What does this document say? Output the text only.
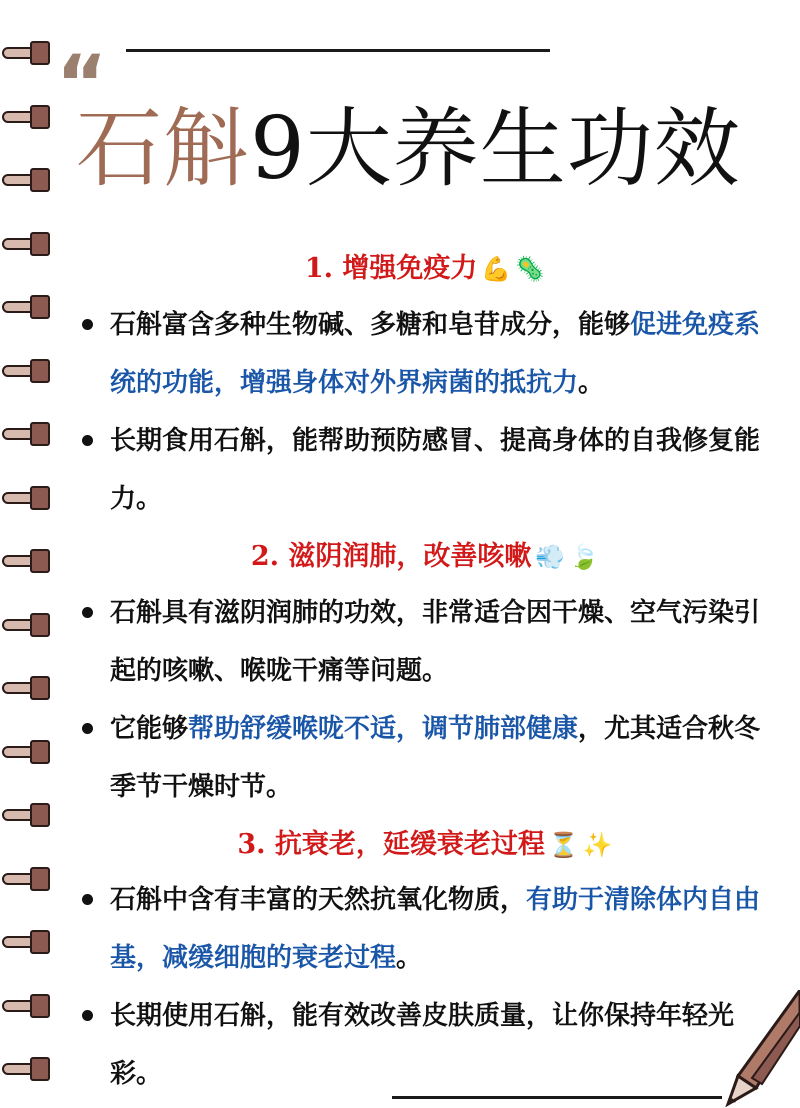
“
石斛9大养生功效
1. 增强免疫力 💪 🦠
石斛富含多种生物碱、多糖和皂苷成分，能够促进免疫系统的功能，增强身体对外界病菌的抵抗力。
长期食用石斛，能帮助预防感冒、提高身体的自我修复能力。
2. 滋阴润肺，改善咳嗽 💨 🍃
石斛具有滋阴润肺的功效，非常适合因干燥、空气污染引起的咳嗽、喉咙干痛等问题。
它能够帮助舒缓喉咙不适，调节肺部健康，尤其适合秋冬季节干燥时节。
3. 抗衰老，延缓衰老过程 ⏳ ✨
石斛中含有丰富的天然抗氧化物质，有助于清除体内自由基，减缓细胞的衰老过程。
长期使用石斛，能有效改善皮肤质量，让你保持年轻光彩。
